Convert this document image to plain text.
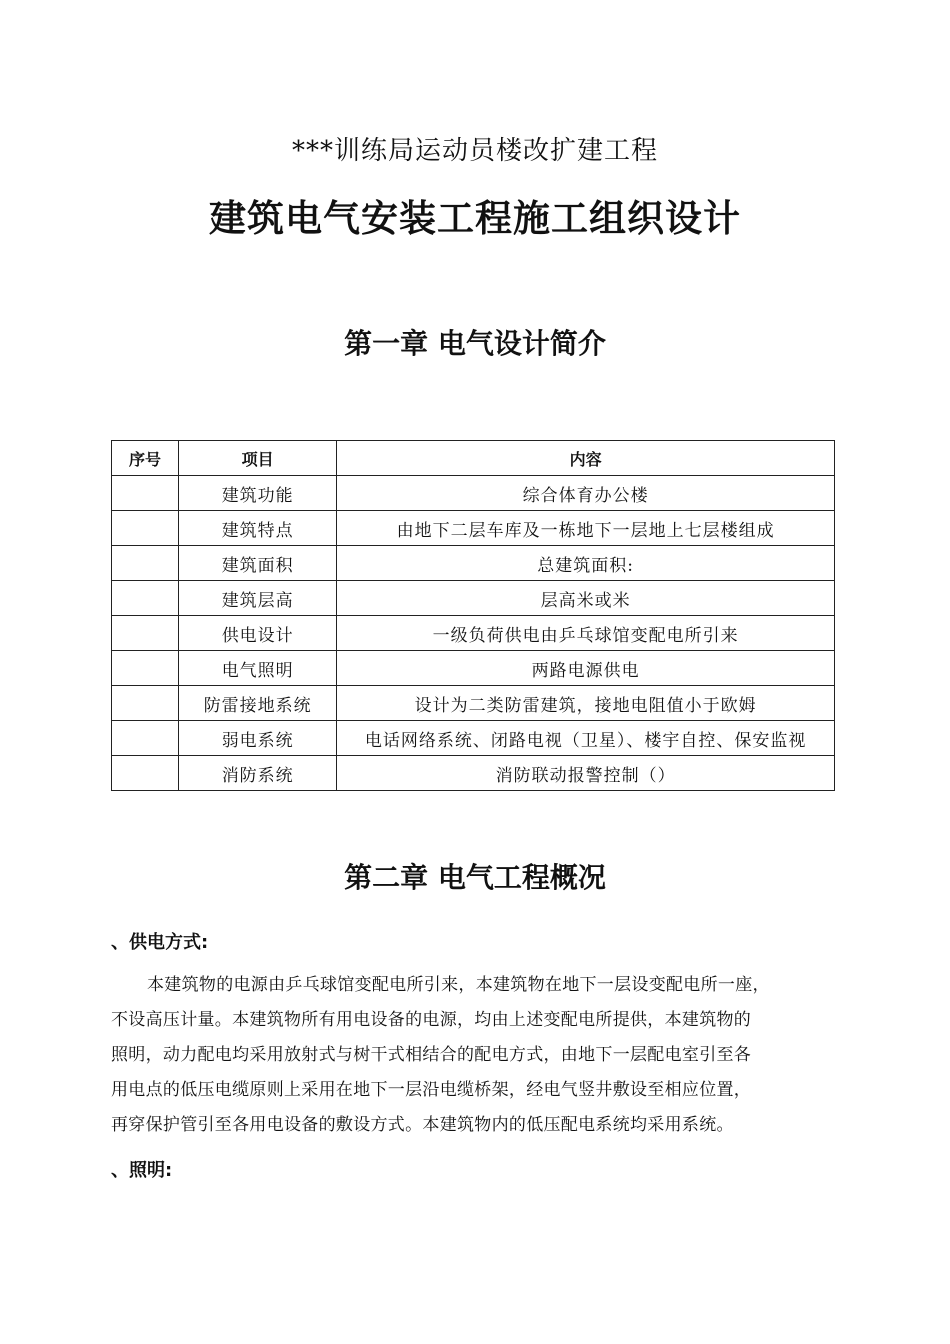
***训练局运动员楼改扩建工程
建筑电气安装工程施工组织设计
第一章 电气设计简介
序号	项目	内容
	建筑功能	综合体育办公楼
	建筑特点	由地下二层车库及一栋地下一层地上七层楼组成
	建筑面积	总建筑面积:
	建筑层高	层高米或米
	供电设计	一级负荷供电由乒乓球馆变配电所引来
	电气照明	两路电源供电
	防雷接地系统	设计为二类防雷建筑，接地电阻值小于欧姆
	弱电系统	电话网络系统、闭路电视（卫星）、楼宇自控、保安监视
	消防系统	消防联动报警控制（）
第二章 电气工程概况
、供电方式:
本建筑物的电源由乒乓球馆变配电所引来，本建筑物在地下一层设变配电所一座，
不设高压计量。本建筑物所有用电设备的电源，均由上述变配电所提供，本建筑物的
照明，动力配电均采用放射式与树干式相结合的配电方式，由地下一层配电室引至各
用电点的低压电缆原则上采用在地下一层沿电缆桥架，经电气竖井敷设至相应位置，
再穿保护管引至各用电设备的敷设方式。本建筑物内的低压配电系统均采用系统。
、照明:
